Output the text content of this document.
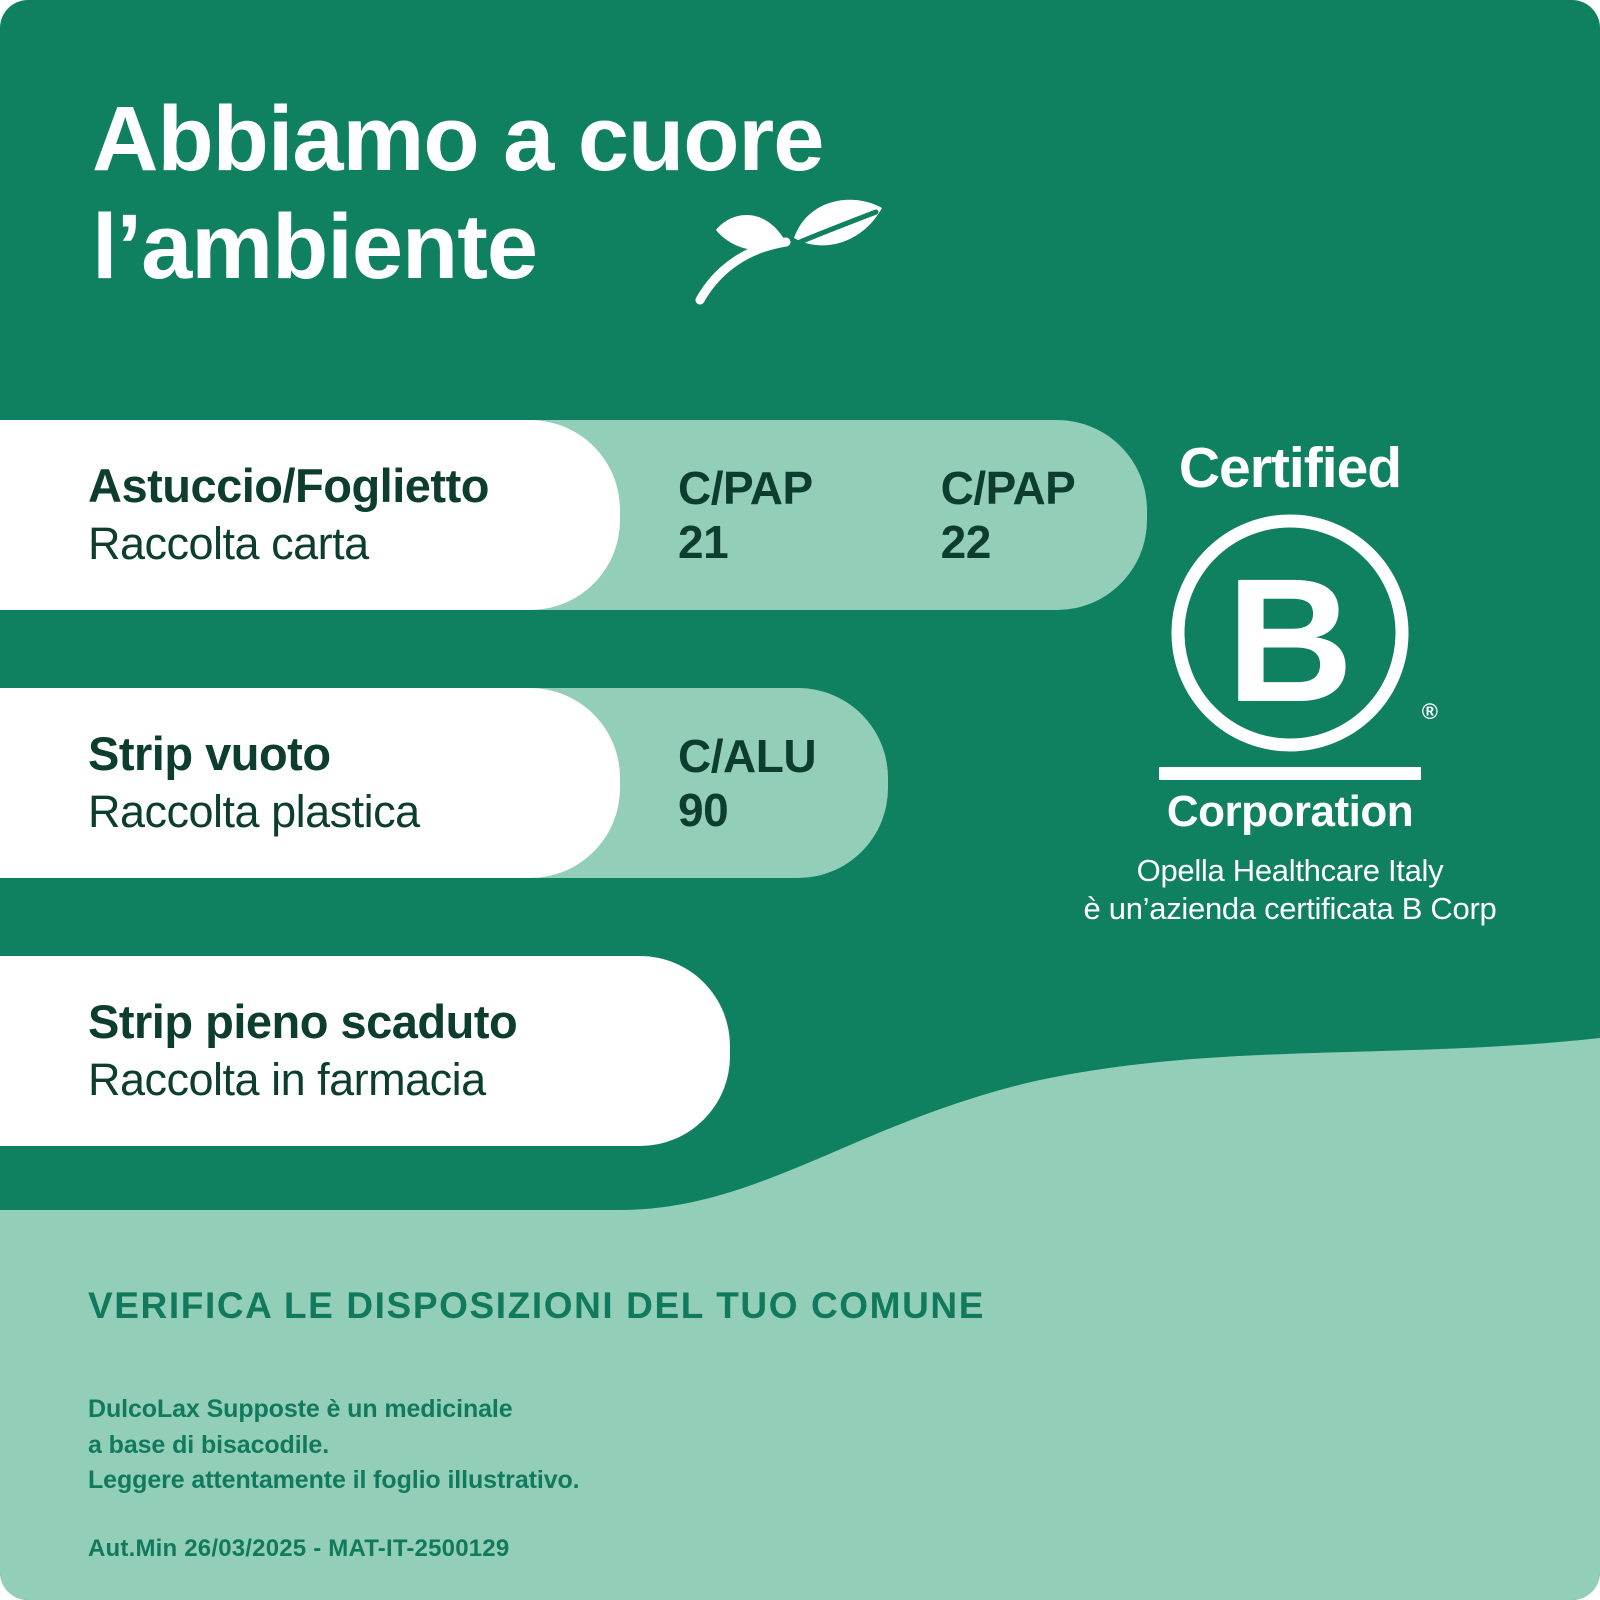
Abbiamo a cuore
l’ambiente
Astuccio/Foglietto
Raccolta carta
C/PAP
21
C/PAP
22
Strip vuoto
Raccolta plastica
C/ALU
90
Strip pieno scaduto
Raccolta in farmacia
Certified
B	®
Corporation
Opella Healthcare Italy
è un’azienda certificata B Corp
VERIFICA LE DISPOSIZIONI DEL TUO COMUNE
DulcoLax Supposte è un medicinale
a base di bisacodile.
Leggere attentamente il foglio illustrativo.
Aut.Min 26/03/2025 - MAT-IT-2500129
